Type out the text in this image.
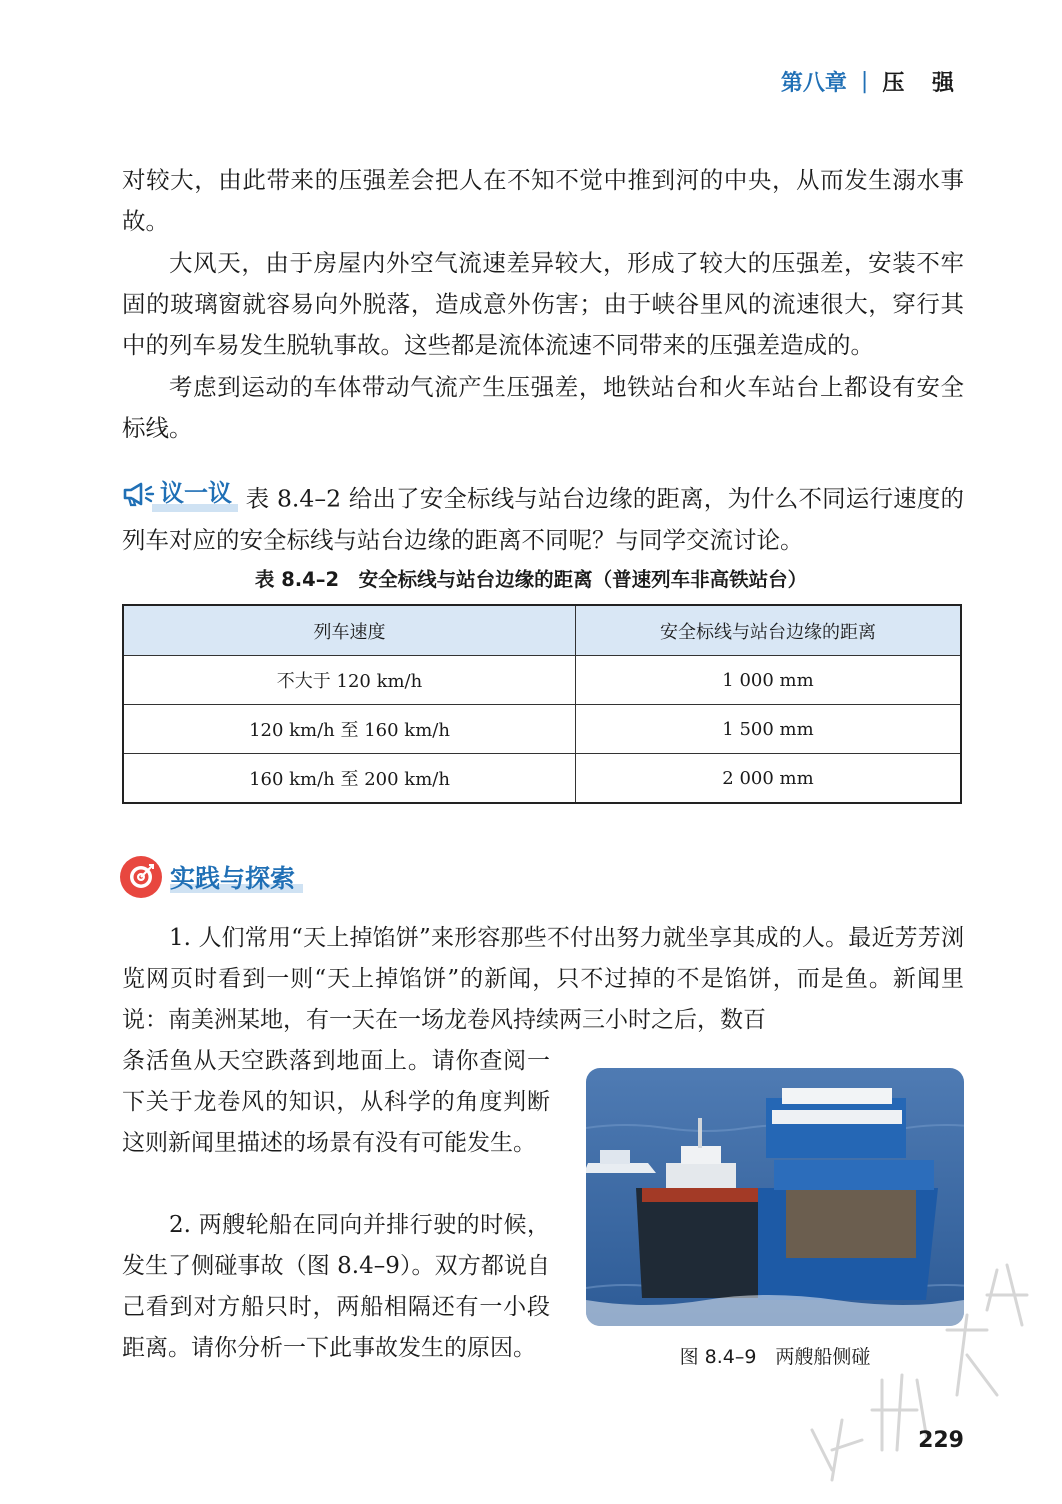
第八章 | 压 强

对较大，由此带来的压强差会把人在不知不觉中推到河的中央，从而发生溺水事故。

大风天，由于房屋内外空气流速差异较大，形成了较大的压强差，安装不牢固的玻璃窗就容易向外脱落，造成意外伤害；由于峡谷里风的流速很大，穿行其中的列车易发生脱轨事故。这些都是流体流速不同带来的压强差造成的。

考虑到运动的车体带动气流产生压强差，地铁站台和火车站台上都设有安全标线。

议一议 表 8.4–2 给出了安全标线与站台边缘的距离，为什么不同运行速度的列车对应的安全标线与站台边缘的距离不同呢？与同学交流讨论。

表 8.4–2　安全标线与站台边缘的距离（普速列车非高铁站台）
列车速度	安全标线与站台边缘的距离
不大于 120 km/h	1 000 mm
120 km/h 至 160 km/h	1 500 mm
160 km/h 至 200 km/h	2 000 mm
实践与探索

1. 人们常用“天上掉馅饼”来形容那些不付出努力就坐享其成的人。最近芳芳浏览网页时看到一则“天上掉馅饼”的新闻，只不过掉的不是馅饼，而是鱼。新闻里说：南美洲某地，有一天在一场龙卷风持续两三小时之后，数百

条活鱼从天空跌落到地面上。请你查阅一下关于龙卷风的知识，从科学的角度判断这则新闻里描述的场景有没有可能发生。

2. 两艘轮船在同向并排行驶的时候，发生了侧碰事故（图 8.4–9）。双方都说自己看到对方船只时，两船相隔还有一小段距离。请你分析一下此事故发生的原因。	图 8.4–9　两艘船侧碰
229
